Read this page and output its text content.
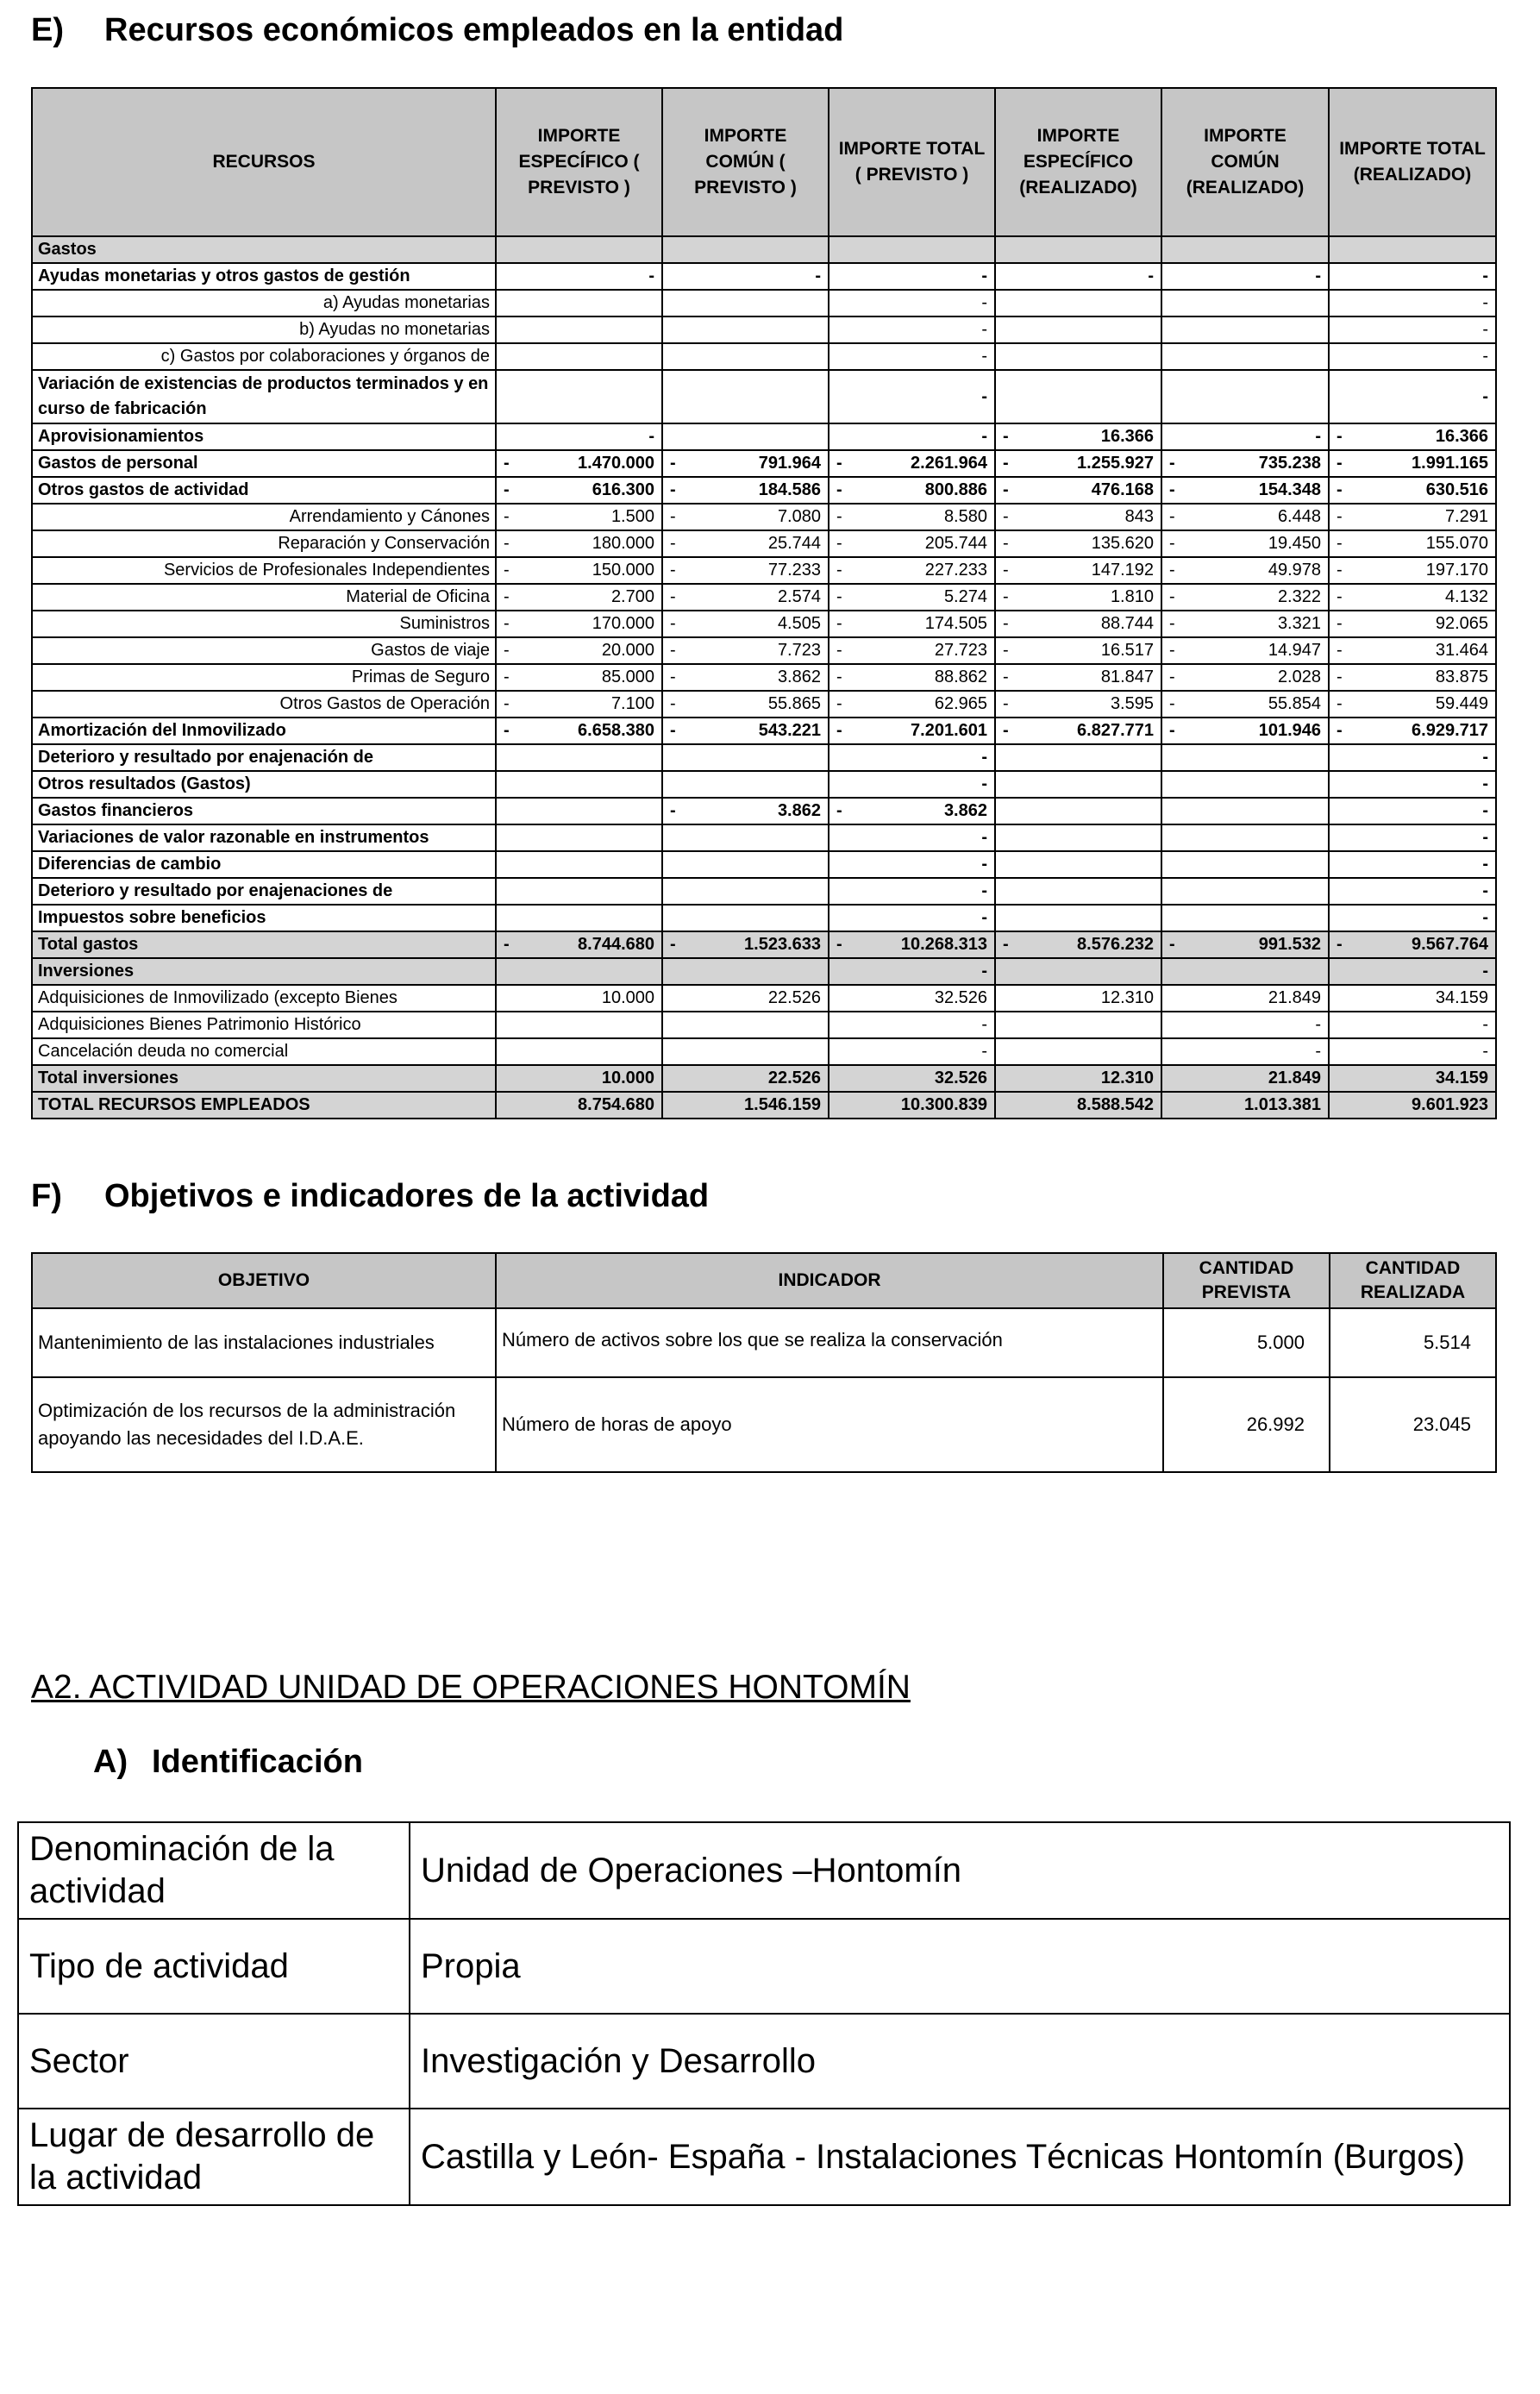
E) Recursos económicos empleados en la entidad
RECURSOS	IMPORTE ESPECÍFICO ( PREVISTO )	IMPORTE COMÚN ( PREVISTO )	IMPORTE TOTAL ( PREVISTO )	IMPORTE ESPECÍFICO (REALIZADO)	IMPORTE COMÚN (REALIZADO)	IMPORTE TOTAL (REALIZADO)
Gastos	

Ayudas monetarias y otros gastos de gestión	-	-	-	-	-	-

a) Ayudas monetarias			-			-

b) Ayudas no monetarias			-			-

c) Gastos por colaboraciones y órganos de			-			-

Variación de existencias de productos terminados y en curso de fabricación			-			-

Aprovisionamientos	-		-	- 16.366	-	- 16.366

Gastos de personal	- 1.470.000	- 791.964	- 2.261.964	- 1.255.927	- 735.238	- 1.991.165

Otros gastos de actividad	- 616.300	- 184.586	- 800.886	- 476.168	- 154.348	- 630.516

Arrendamiento y Cánones	- 1.500	- 7.080	- 8.580	- 843	- 6.448	- 7.291

Reparación y Conservación	- 180.000	- 25.744	- 205.744	- 135.620	- 19.450	- 155.070

Servicios de Profesionales Independientes	- 150.000	- 77.233	- 227.233	- 147.192	- 49.978	- 197.170

Material de Oficina	- 2.700	- 2.574	- 5.274	- 1.810	- 2.322	- 4.132

Suministros	- 170.000	- 4.505	- 174.505	- 88.744	- 3.321	- 92.065

Gastos de viaje	- 20.000	- 7.723	- 27.723	- 16.517	- 14.947	- 31.464

Primas de Seguro	- 85.000	- 3.862	- 88.862	- 81.847	- 2.028	- 83.875

Otros Gastos de Operación	- 7.100	- 55.865	- 62.965	- 3.595	- 55.854	- 59.449

Amortización del Inmovilizado	- 6.658.380	- 543.221	- 7.201.601	- 6.827.771	- 101.946	- 6.929.717

Deterioro y resultado por enajenación de			-			-

Otros resultados (Gastos)			-			-

Gastos financieros		- 3.862	- 3.862			-

Variaciones de valor razonable en instrumentos			-			-

Diferencias de cambio			-			-

Deterioro y resultado por enajenaciones de			-			-

Impuestos sobre beneficios			-			-

Total gastos	- 8.744.680	- 1.523.633	- 10.268.313	- 8.576.232	- 991.532	- 9.567.764

Inversiones			-			-

Adquisiciones de Inmovilizado (excepto Bienes	10.000	22.526	32.526	12.310	21.849	34.159

Adquisiciones Bienes Patrimonio Histórico			-		-	-

Cancelación deuda no comercial			-		-	-

Total inversiones	10.000	22.526	32.526	12.310	21.849	34.159

TOTAL RECURSOS EMPLEADOS	8.754.680	1.546.159	10.300.839	8.588.542	1.013.381	9.601.923
F) Objetivos e indicadores de la actividad
OBJETIVO	INDICADOR	CANTIDAD PREVISTA	CANTIDAD REALIZADA
Mantenimiento de las instalaciones industriales	Número de activos sobre los que se realiza la conservación	5.000	5.514
Optimización de los recursos de la administración apoyando las necesidades del I.D.A.E.	Número de horas de apoyo	26.992	23.045
A2. ACTIVIDAD UNIDAD DE OPERACIONES HONTOMÍN
A) Identificación
Denominación de la actividad	Unidad de Operaciones –Hontomín
Tipo de actividad	Propia
Sector	Investigación y Desarrollo
Lugar de desarrollo de la actividad	Castilla y León- España - Instalaciones Técnicas Hontomín (Burgos)
